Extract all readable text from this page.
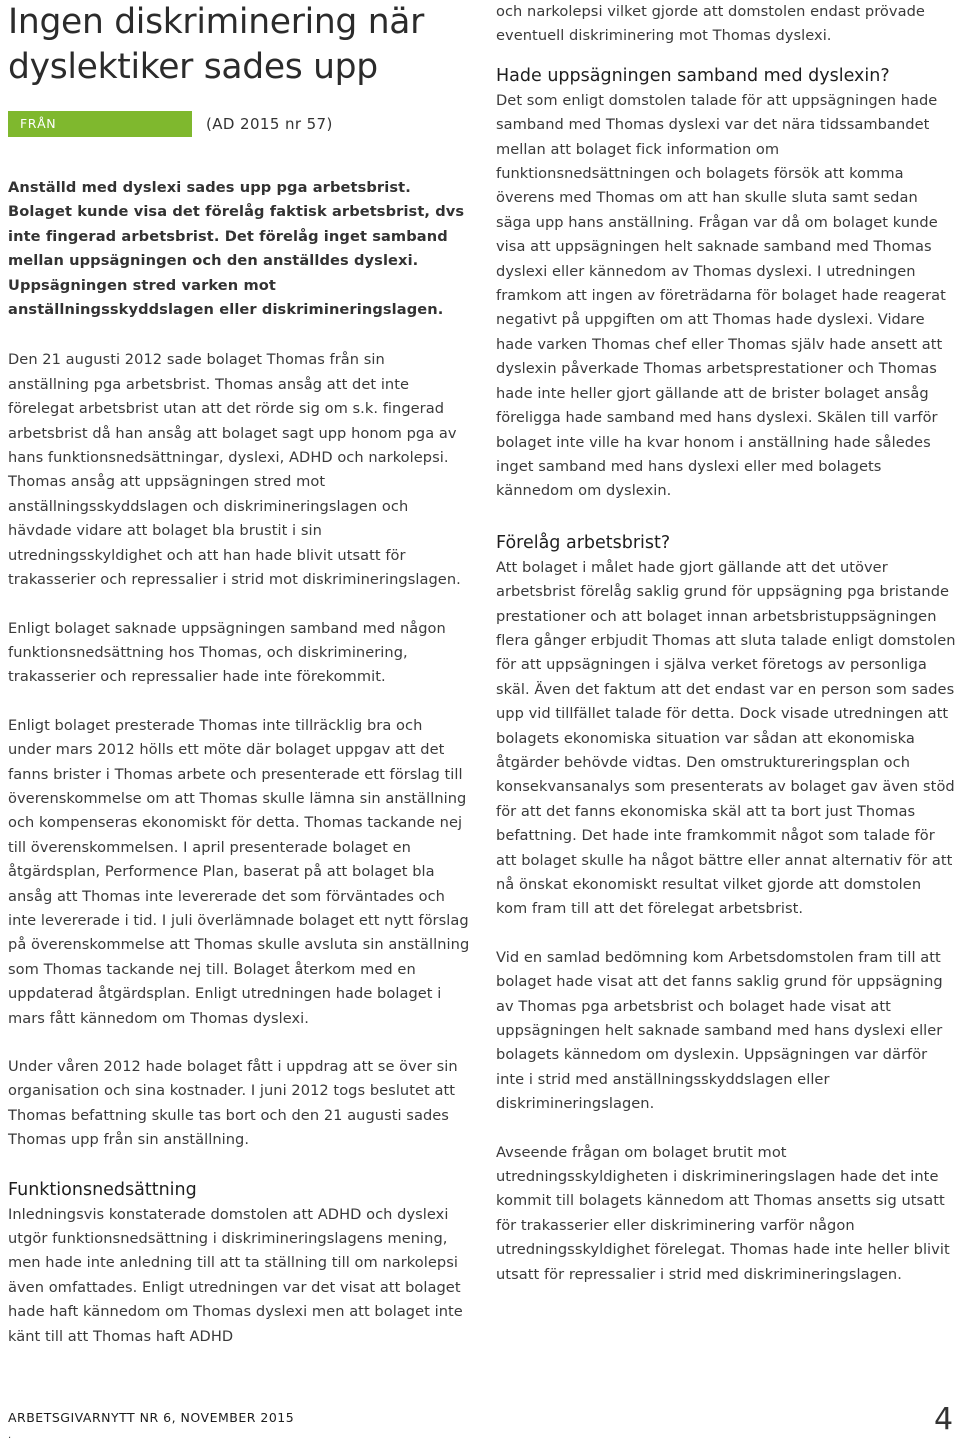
Ingen diskriminering när dyslektiker sades upp
FRÅN ARBETSDOMSTOLEN
(AD 2015 nr 57)
Anställd med dyslexi sades upp pga arbetsbrist. Bolaget kunde visa det förelåg faktisk arbetsbrist, dvs inte fingerad arbetsbrist. Det förelåg inget samband mellan uppsägningen och den anställdes dyslexi. Uppsägningen stred varken mot anställningsskyddslagen eller diskrimineringslagen.

Den 21 augusti 2012 sade bolaget Thomas från sin anställning pga arbetsbrist. Thomas ansåg att det inte förelegat arbetsbrist utan att det rörde sig om s.k. fingerad arbetsbrist då han ansåg att bolaget sagt upp honom pga av hans funktionsnedsättningar, dyslexi, ADHD och narkolepsi. Thomas ansåg att uppsägningen stred mot anställningsskyddslagen och diskrimineringslagen och hävdade vidare att bolaget bla brustit i sin utredningsskyldighet och att han hade blivit utsatt för trakasserier och repressalier i strid mot diskrimineringslagen.

Enligt bolaget saknade uppsägningen samband med någon funktionsnedsättning hos Thomas, och diskriminering, trakasserier och repressalier hade inte förekommit.

Enligt bolaget presterade Thomas inte tillräcklig bra och under mars 2012 hölls ett möte där bolaget uppgav att det fanns brister i Thomas arbete och presenterade ett förslag till överenskommelse om att Thomas skulle lämna sin anställning och kompenseras ekonomiskt för detta. Thomas tackande nej till överenskommelsen. I april presenterade bolaget en åtgärdsplan, Performence Plan, baserat på att bolaget bla ansåg att Thomas inte levererade det som förväntades och inte levererade i tid. I juli överlämnade bolaget ett nytt förslag på överenskommelse att Thomas skulle avsluta sin anställning som Thomas tackande nej till. Bolaget återkom med en uppdaterad åtgärdsplan. Enligt utredningen hade bolaget i mars fått kännedom om Thomas dyslexi.

Under våren 2012 hade bolaget fått i uppdrag att se över sin organisation och sina kostnader. I juni 2012 togs beslutet att Thomas befattning skulle tas bort och den 21 augusti sades Thomas upp från sin anställning.

Funktionsnedsättning

Inledningsvis konstaterade domstolen att ADHD och dyslexi utgör funktionsnedsättning i diskrimineringslagens mening, men hade inte anledning till att ta ställning till om narkolepsi även omfattades. Enligt utredningen var det visat att bolaget hade haft kännedom om Thomas dyslexi men att bolaget inte känt till att Thomas haft ADHD

och narkolepsi vilket gjorde att domstolen endast prövade eventuell diskriminering mot Thomas dyslexi.

Hade uppsägningen samband med dyslexin?

Det som enligt domstolen talade för att uppsägningen hade samband med Thomas dyslexi var det nära tidssambandet mellan att bolaget fick information om funktionsnedsättningen och bolagets försök att komma överens med Thomas om att han skulle sluta samt sedan säga upp hans anställning. Frågan var då om bolaget kunde visa att uppsägningen helt saknade samband med Thomas dyslexi eller kännedom av Thomas dyslexi. I utredningen framkom att ingen av företrädarna för bolaget hade reagerat negativt på uppgiften om att Thomas hade dyslexi. Vidare hade varken Thomas chef eller Thomas själv hade ansett att dyslexin påverkade Thomas arbetsprestationer och Thomas hade inte heller gjort gällande att de brister bolaget ansåg föreligga hade samband med hans dyslexi. Skälen till varför bolaget inte ville ha kvar honom i anställning hade således inget samband med hans dyslexi eller med bolagets kännedom om dyslexin.

Förelåg arbetsbrist?

Att bolaget i målet hade gjort gällande att det utöver arbetsbrist förelåg saklig grund för uppsägning pga bristande prestationer och att bolaget innan arbetsbristuppsägningen flera gånger erbjudit Thomas att sluta talade enligt domstolen för att uppsägningen i själva verket företogs av personliga skäl. Även det faktum att det endast var en person som sades upp vid tillfället talade för detta. Dock visade utredningen att bolagets ekonomiska situation var sådan att ekonomiska åtgärder behövde vidtas. Den omstruktureringsplan och konsekvansanalys som presenterats av bolaget gav även stöd för att det fanns ekonomiska skäl att ta bort just Thomas befattning. Det hade inte framkommit något som talade för att bolaget skulle ha något bättre eller annat alternativ för att nå önskat ekonomiskt resultat vilket gjorde att domstolen kom fram till att det förelegat arbetsbrist.

Vid en samlad bedömning kom Arbetsdomstolen fram till att bolaget hade visat att det fanns saklig grund för uppsägning av Thomas pga arbetsbrist och bolaget hade visat att uppsägningen helt saknade samband med hans dyslexi eller bolagets kännedom om dyslexin. Uppsägningen var därför inte i strid med anställningsskyddslagen eller diskrimineringslagen.

Avseende frågan om bolaget brutit mot utredningsskyldigheten i diskrimineringslagen hade det inte kommit till bolagets kännedom att Thomas ansetts sig utsatt för trakasserier eller diskriminering varför någon utredningsskyldighet förelegat. Thomas hade inte heller blivit utsatt för repressalier i strid med diskrimineringslagen.

ARBETSGIVARNYTT NR 6, NOVEMBER 2015
.	4
